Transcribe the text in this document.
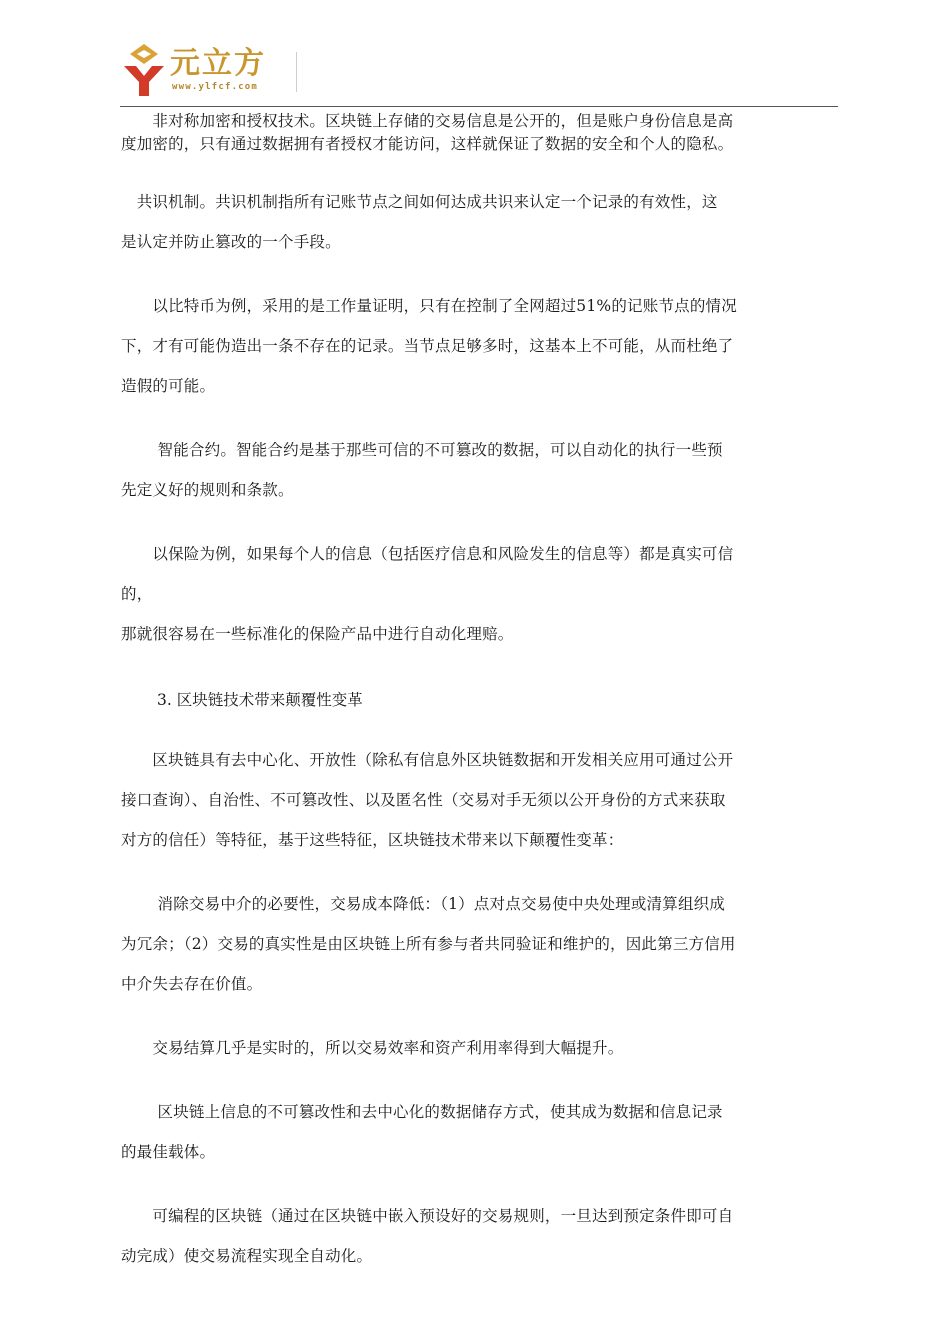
元立方
www.ylfcf.com

　　非对称加密和授权技术。区块链上存储的交易信息是公开的，但是账户身份信息是高
度加密的，只有通过数据拥有者授权才能访问，这样就保证了数据的安全和个人的隐私。

　共识机制。共识机制指所有记账节点之间如何达成共识来认定一个记录的有效性，这
是认定并防止篡改的一个手段。

　　以比特币为例，采用的是工作量证明，只有在控制了全网超过51%的记账节点的情况
下，才有可能伪造出一条不存在的记录。当节点足够多时，这基本上不可能，从而杜绝了
造假的可能。

　　 智能合约。智能合约是基于那些可信的不可篡改的数据，可以自动化的执行一些预
先定义好的规则和条款。

　　以保险为例，如果每个人的信息（包括医疗信息和风险发生的信息等）都是真实可信
的，
那就很容易在一些标准化的保险产品中进行自动化理赔。

3. 区块链技术带来颠覆性变革

　　区块链具有去中心化、开放性（除私有信息外区块链数据和开发相关应用可通过公开
接口查询）、自治性、不可篡改性、以及匿名性（交易对手无须以公开身份的方式来获取
对方的信任）等特征，基于这些特征，区块链技术带来以下颠覆性变革：

　　 消除交易中介的必要性，交易成本降低：（1）点对点交易使中央处理或清算组织成
为冗余；（2）交易的真实性是由区块链上所有参与者共同验证和维护的，因此第三方信用
中介失去存在价值。

　　交易结算几乎是实时的，所以交易效率和资产利用率得到大幅提升。

　　 区块链上信息的不可篡改性和去中心化的数据储存方式，使其成为数据和信息记录
的最佳载体。

　　可编程的区块链（通过在区块链中嵌入预设好的交易规则，一旦达到预定条件即可自
动完成）使交易流程实现全自动化。
